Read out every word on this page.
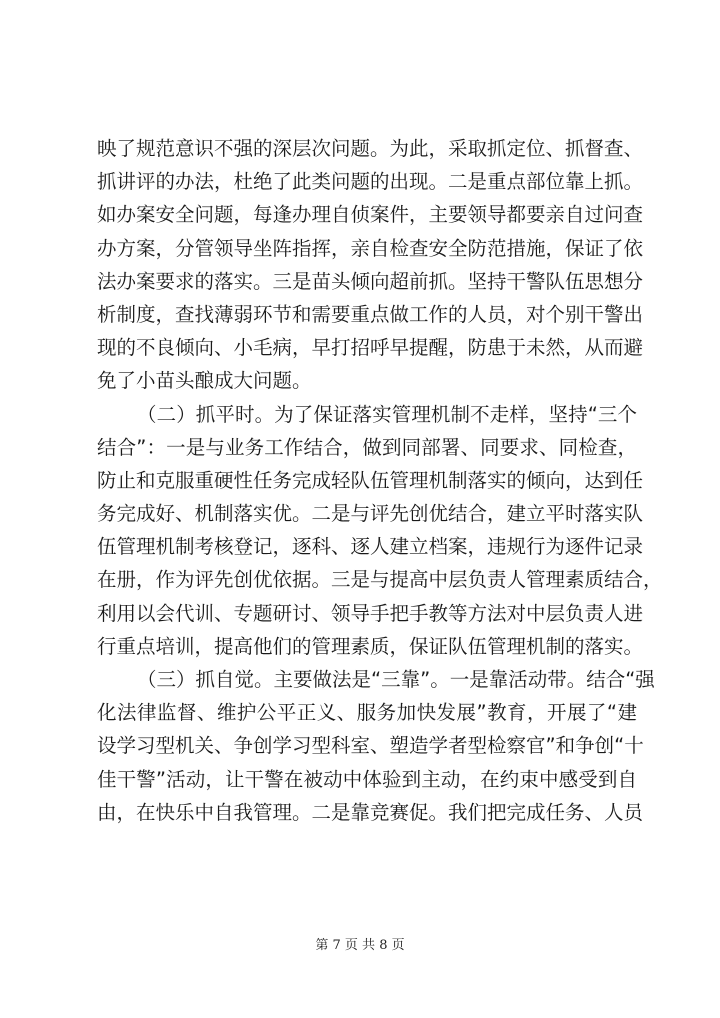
映了规范意识不强的深层次问题。为此，采取抓定位、抓督查、
抓讲评的办法，杜绝了此类问题的出现。二是重点部位靠上抓。
如办案安全问题，每逢办理自侦案件，主要领导都要亲自过问查
办方案，分管领导坐阵指挥，亲自检查安全防范措施，保证了依
法办案要求的落实。三是苗头倾向超前抓。坚持干警队伍思想分
析制度，查找薄弱环节和需要重点做工作的人员，对个别干警出
现的不良倾向、小毛病，早打招呼早提醒，防患于未然，从而避
免了小苗头酿成大问题。
（二）抓平时。为了保证落实管理机制不走样，坚持“三个
结合”：一是与业务工作结合，做到同部署、同要求、同检查，
防止和克服重硬性任务完成轻队伍管理机制落实的倾向，达到任
务完成好、机制落实优。二是与评先创优结合，建立平时落实队
伍管理机制考核登记，逐科、逐人建立档案，违规行为逐件记录
在册，作为评先创优依据。三是与提高中层负责人管理素质结合，
利用以会代训、专题研讨、领导手把手教等方法对中层负责人进
行重点培训，提高他们的管理素质，保证队伍管理机制的落实。
（三）抓自觉。主要做法是“三靠”。一是靠活动带。结合“强
化法律监督、维护公平正义、服务加快发展”教育，开展了“建
设学习型机关、争创学习型科室、塑造学者型检察官”和争创“十
佳干警”活动，让干警在被动中体验到主动，在约束中感受到自
由，在快乐中自我管理。二是靠竞赛促。我们把完成任务、人员
第 7 页 共 8 页
